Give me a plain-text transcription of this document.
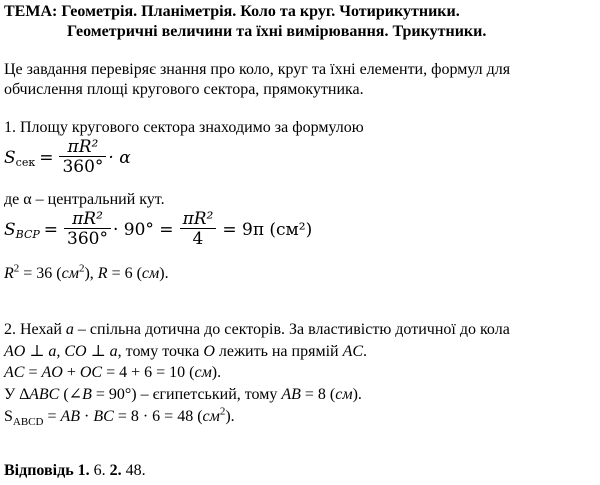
ТЕМА: Геометрія. Планіметрія. Коло та круг. Чотирикутники.
Геометричні величини та їхні вимірювання. Трикутники.
Це завдання перевіряє знання про коло, круг та їхні елементи, формул для
обчислення площі кругового сектора, прямокутника.
1. Площу кругового сектора знаходимо за формулою
S сек = $\frac{\text{πR²}}{360^\circ} \cdot \alpha$
де α – центральний кут.
S BCP = $\frac{\text{πR²}}{360^\circ} \cdot 90^\circ = \frac{\text{πR²}}{4} = 9\pi$ (см²)
$R^2 = 36$ $(см^2)$, R = 6 (см).
2. Нехай a – спільна дотична до секторів. За властивістю дотичної до кола
AO ⊥ a, CO ⊥ a, тому точка O лежить на прямій AC.
AC = AO + OC = 4 + 6 = 10 (см).
У ∆ABC (∠B = 90°) – єгипетський, тому AB = 8 (см).
$S_{ABCD}$ = AB · BC = 8 · 6 = 48 $(см^2)$.
Відповідь 1. 6. 2. 48.
